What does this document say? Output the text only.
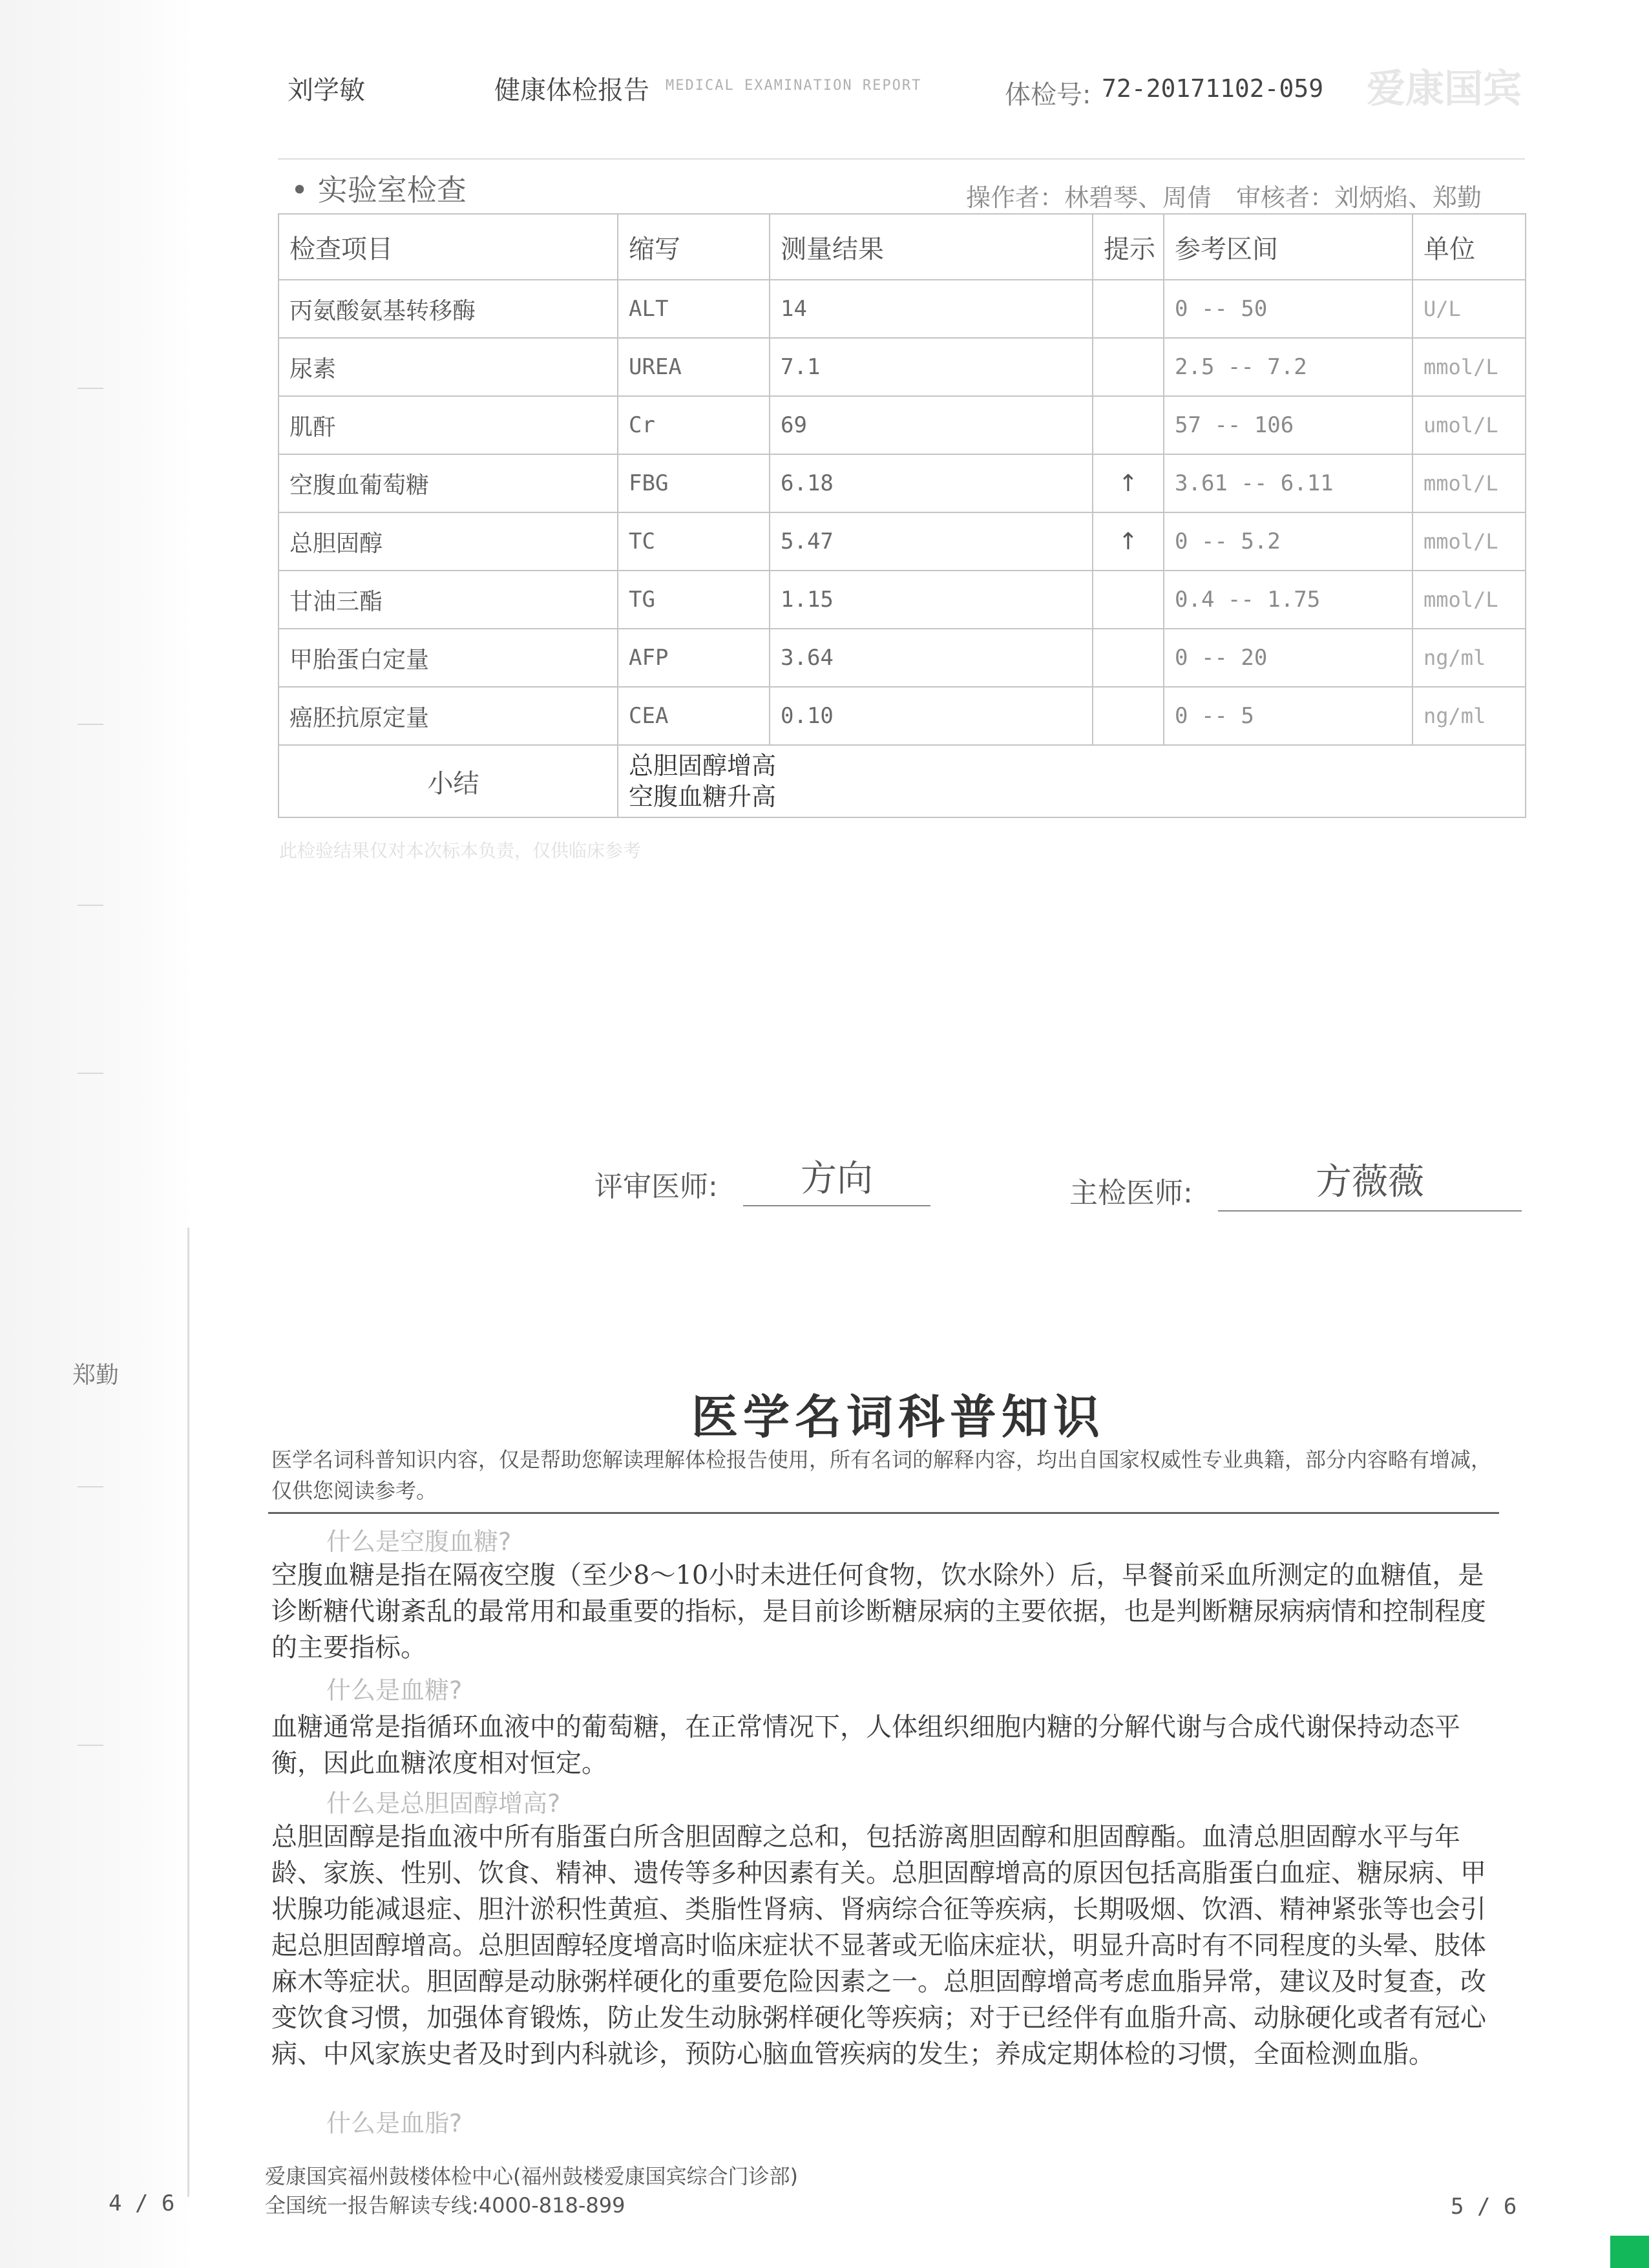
郑勤
刘学敏	健康体检报告 MEDICAL EXAMINATION REPORT	体检号: 72-20171102-059 爱康国宾
• 实验室检查	操作者：林碧琴、周倩　审核者：刘炳焰、郑勤
检查项目	缩写	测量结果	提示	参考区间	单位
丙氨酸氨基转移酶	ALT	14		0 -- 50	U/L
尿素	UREA	7.1		2.5 -- 7.2	mmol/L
肌酐	Cr	69		57 -- 106	umol/L
空腹血葡萄糖	FBG	6.18	↑	3.61 -- 6.11	mmol/L
总胆固醇	TC	5.47	↑	0 -- 5.2	mmol/L
甘油三酯	TG	1.15		0.4 -- 1.75	mmol/L
甲胎蛋白定量	AFP	3.64		0 -- 20	ng/ml
癌胚抗原定量	CEA	0.10		0 -- 5	ng/ml
小结	总胆固醇增高
空腹血糖升高				
此检验结果仅对本次标本负责，仅供临床参考
评审医师:	方向	主检医师:	方薇薇
医学名词科普知识
医学名词科普知识内容，仅是帮助您解读理解体检报告使用，所有名词的解释内容，均出自国家权威性专业典籍，部分内容略有增减，仅供您阅读参考。
什么是空腹血糖?
空腹血糖是指在隔夜空腹（至少8～10小时未进任何食物，饮水除外）后，早餐前采血所测定的血糖值，是诊断糖代谢紊乱的最常用和最重要的指标，是目前诊断糖尿病的主要依据，也是判断糖尿病病情和控制程度的主要指标。
什么是血糖?
血糖通常是指循环血液中的葡萄糖，在正常情况下，人体组织细胞内糖的分解代谢与合成代谢保持动态平衡，因此血糖浓度相对恒定。
什么是总胆固醇增高?
总胆固醇是指血液中所有脂蛋白所含胆固醇之总和，包括游离胆固醇和胆固醇酯。血清总胆固醇水平与年龄、家族、性别、饮食、精神、遗传等多种因素有关。总胆固醇增高的原因包括高脂蛋白血症、糖尿病、甲状腺功能减退症、胆汁淤积性黄疸、类脂性肾病、肾病综合征等疾病，长期吸烟、饮酒、精神紧张等也会引起总胆固醇增高。总胆固醇轻度增高时临床症状不显著或无临床症状，明显升高时有不同程度的头晕、肢体麻木等症状。胆固醇是动脉粥样硬化的重要危险因素之一。总胆固醇增高考虑血脂异常，建议及时复查，改变饮食习惯，加强体育锻炼，防止发生动脉粥样硬化等疾病；对于已经伴有血脂升高、动脉硬化或者有冠心病、中风家族史者及时到内科就诊，预防心脑血管疾病的发生；养成定期体检的习惯，全面检测血脂。
什么是血脂?
爱康国宾福州鼓楼体检中心(福州鼓楼爱康国宾综合门诊部)
全国统一报告解读专线:4000-818-899
4 / 6	5 / 6
